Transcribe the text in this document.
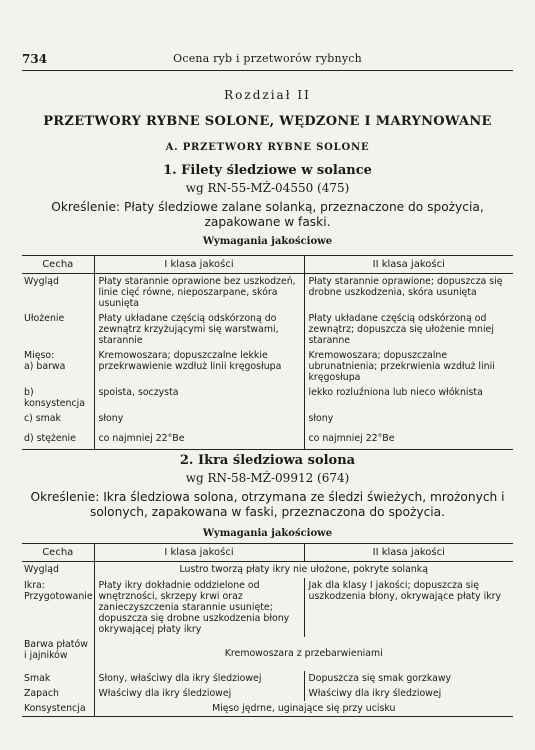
734	Ocena ryb i przetworów rybnych
Rozdział II
PRZETWORY RYBNE SOLONE, WĘDZONE I MARYNOWANE
A. PRZETWORY RYBNE SOLONE
1. Filety śledziowe w solance
wg RN-55-MŻ-04550 (475)
Określenie: Płaty śledziowe zalane solanką, przeznaczone do spożycia,
zapakowane w faski.
Wymagania jakościowe
Cecha	I klasa jakości	II klasa jakości
Wygląd	Płaty starannie oprawione bez uszkodzeń, linie cięć równe, nieposzarpane, skóra usunięta	Płaty starannie oprawione; dopuszcza się drobne uszkodzenia, skóra usunięta
Ułożenie	Płaty układane częścią odskórzoną do zewnątrz krzyżującymi się warstwami, starannie	Płaty układane częścią odskórzoną od zewnątrz; dopuszcza się ułożenie mniej staranne
Mięso:
a) barwa	Kremowoszara; dopuszczalne lekkie przekrwawienie wzdłuż linii kręgosłupa	Kremowoszara; dopuszczalne ubrunatnienia; przekrwienia wzdłuż linii kręgosłupa
b) konsystencja	spoista, soczysta	lekko rozluźniona lub nieco włóknista
c) smak	słony	słony
d) stężenie	co najmniej 22°Be	co najmniej 22°Be
2. Ikra śledziowa solona
wg RN-58-MŻ-09912 (674)
Określenie: Ikra śledziowa solona, otrzymana ze śledzi świeżych, mrożonych i solonych, zapakowana w faski, przeznaczona do spożycia.
Wymagania jakościowe
Cecha	I klasa jakości	II klasa jakości
Wygląd	Lustro tworzą płaty ikry nie ułożone, pokryte solanką	
Ikra: Przygotowanie	Płaty ikry dokładnie oddzielone od wnętrzności, skrzepy krwi oraz zanieczyszczenia starannie usunięte; dopuszcza się drobne uszkodzenia błony okrywającej płaty ikry	Jak dla klasy I jakości; dopuszcza się uszkodzenia błony, okrywające płaty ikry
Barwa płatów i jajników	Kremowoszara z przebarwieniami	
Smak	Słony, właściwy dla ikry śledziowej	Dopuszcza się smak gorzkawy
Zapach	Właściwy dla ikry śledziowej	Właściwy dla ikry śledziowej
Konsystencja	Mięso jędrne, uginające się przy ucisku	
